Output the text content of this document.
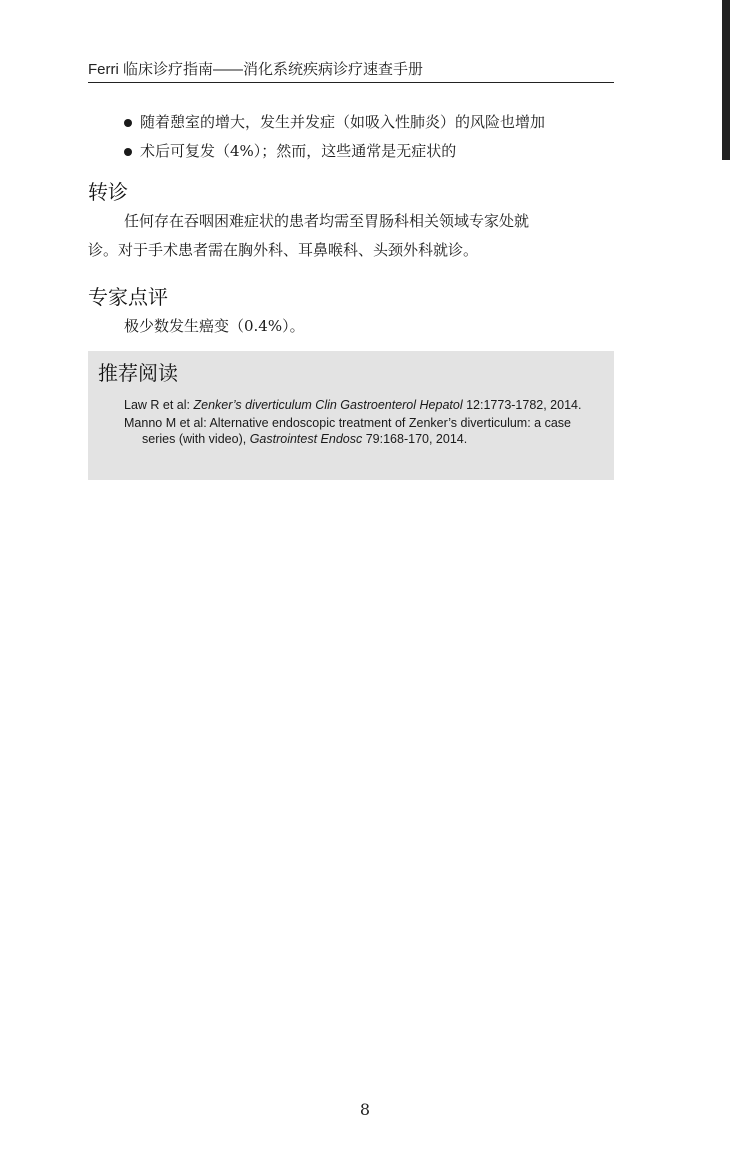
Ferri 临床诊疗指南——消化系统疾病诊疗速查手册
随着憩室的增大，发生并发症（如吸入性肺炎）的风险也增加
术后可复发（4%）；然而，这些通常是无症状的
转诊

任何存在吞咽困难症状的患者均需至胃肠科相关领域专家处就
诊。对于手术患者需在胸外科、耳鼻喉科、头颈外科就诊。

专家点评

极少数发生癌变（0.4%）。

推荐阅读

Law R et al: Zenker’s diverticulum Clin Gastroenterol Hepatol 12:1773-1782, 2014.

Manno M et al: Alternative endoscopic treatment of Zenker’s diverticulum: a case series (with video), Gastrointest Endosc 79:168-170, 2014.

8
